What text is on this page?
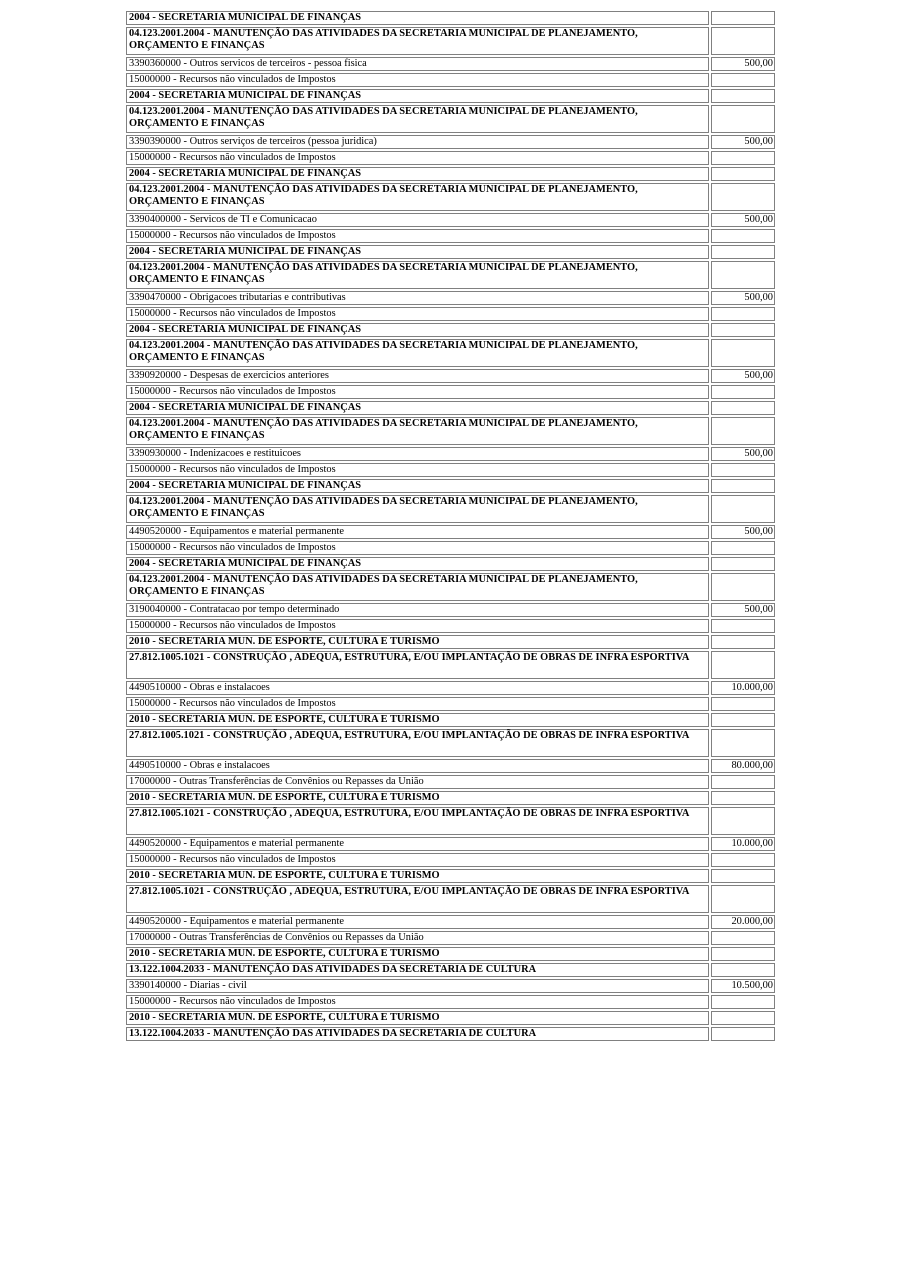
2004 - SECRETARIA MUNICIPAL DE FINANÇAS	
04.123.2001.2004 - MANUTENÇÃO DAS ATIVIDADES DA SECRETARIA MUNICIPAL DE PLANEJAMENTO, ORÇAMENTO E FINANÇAS	
3390360000 - Outros servicos de terceiros - pessoa fisica	500,00
15000000 - Recursos não vinculados de Impostos	
2004 - SECRETARIA MUNICIPAL DE FINANÇAS	
04.123.2001.2004 - MANUTENÇÃO DAS ATIVIDADES DA SECRETARIA MUNICIPAL DE PLANEJAMENTO, ORÇAMENTO E FINANÇAS	
3390390000 - Outros serviços de terceiros (pessoa juridica)	500,00
15000000 - Recursos não vinculados de Impostos	
2004 - SECRETARIA MUNICIPAL DE FINANÇAS	
04.123.2001.2004 - MANUTENÇÃO DAS ATIVIDADES DA SECRETARIA MUNICIPAL DE PLANEJAMENTO, ORÇAMENTO E FINANÇAS	
3390400000 - Servicos de TI e Comunicacao	500,00
15000000 - Recursos não vinculados de Impostos	
2004 - SECRETARIA MUNICIPAL DE FINANÇAS	
04.123.2001.2004 - MANUTENÇÃO DAS ATIVIDADES DA SECRETARIA MUNICIPAL DE PLANEJAMENTO, ORÇAMENTO E FINANÇAS	
3390470000 - Obrigacoes tributarias e contributivas	500,00
15000000 - Recursos não vinculados de Impostos	
2004 - SECRETARIA MUNICIPAL DE FINANÇAS	
04.123.2001.2004 - MANUTENÇÃO DAS ATIVIDADES DA SECRETARIA MUNICIPAL DE PLANEJAMENTO, ORÇAMENTO E FINANÇAS	
3390920000 - Despesas de exercicios anteriores	500,00
15000000 - Recursos não vinculados de Impostos	
2004 - SECRETARIA MUNICIPAL DE FINANÇAS	
04.123.2001.2004 - MANUTENÇÃO DAS ATIVIDADES DA SECRETARIA MUNICIPAL DE PLANEJAMENTO, ORÇAMENTO E FINANÇAS	
3390930000 - Indenizacoes e restituicoes	500,00
15000000 - Recursos não vinculados de Impostos	
2004 - SECRETARIA MUNICIPAL DE FINANÇAS	
04.123.2001.2004 - MANUTENÇÃO DAS ATIVIDADES DA SECRETARIA MUNICIPAL DE PLANEJAMENTO, ORÇAMENTO E FINANÇAS	
4490520000 - Equipamentos e material permanente	500,00
15000000 - Recursos não vinculados de Impostos	
2004 - SECRETARIA MUNICIPAL DE FINANÇAS	
04.123.2001.2004 - MANUTENÇÃO DAS ATIVIDADES DA SECRETARIA MUNICIPAL DE PLANEJAMENTO, ORÇAMENTO E FINANÇAS	
3190040000 - Contratacao por tempo determinado	500,00
15000000 - Recursos não vinculados de Impostos	
2010 - SECRETARIA MUN. DE ESPORTE, CULTURA E TURISMO	
27.812.1005.1021 - CONSTRUÇÃO , ADEQUA, ESTRUTURA, E/OU IMPLANTAÇÃO DE OBRAS DE INFRA ESPORTIVA	
4490510000 - Obras e instalacoes	10.000,00
15000000 - Recursos não vinculados de Impostos	
2010 - SECRETARIA MUN. DE ESPORTE, CULTURA E TURISMO	
27.812.1005.1021 - CONSTRUÇÃO , ADEQUA, ESTRUTURA, E/OU IMPLANTAÇÃO DE OBRAS DE INFRA ESPORTIVA	
4490510000 - Obras e instalacoes	80.000,00
17000000 - Outras Transferências de Convênios ou Repasses da União	
2010 - SECRETARIA MUN. DE ESPORTE, CULTURA E TURISMO	
27.812.1005.1021 - CONSTRUÇÃO , ADEQUA, ESTRUTURA, E/OU IMPLANTAÇÃO DE OBRAS DE INFRA ESPORTIVA	
4490520000 - Equipamentos e material permanente	10.000,00
15000000 - Recursos não vinculados de Impostos	
2010 - SECRETARIA MUN. DE ESPORTE, CULTURA E TURISMO	
27.812.1005.1021 - CONSTRUÇÃO , ADEQUA, ESTRUTURA, E/OU IMPLANTAÇÃO DE OBRAS DE INFRA ESPORTIVA	
4490520000 - Equipamentos e material permanente	20.000,00
17000000 - Outras Transferências de Convênios ou Repasses da União	
2010 - SECRETARIA MUN. DE ESPORTE, CULTURA E TURISMO	
13.122.1004.2033 - MANUTENÇÃO DAS ATIVIDADES DA SECRETARIA DE CULTURA	
3390140000 - Diarias - civil	10.500,00
15000000 - Recursos não vinculados de Impostos	
2010 - SECRETARIA MUN. DE ESPORTE, CULTURA E TURISMO	
13.122.1004.2033 - MANUTENÇÃO DAS ATIVIDADES DA SECRETARIA DE CULTURA	
